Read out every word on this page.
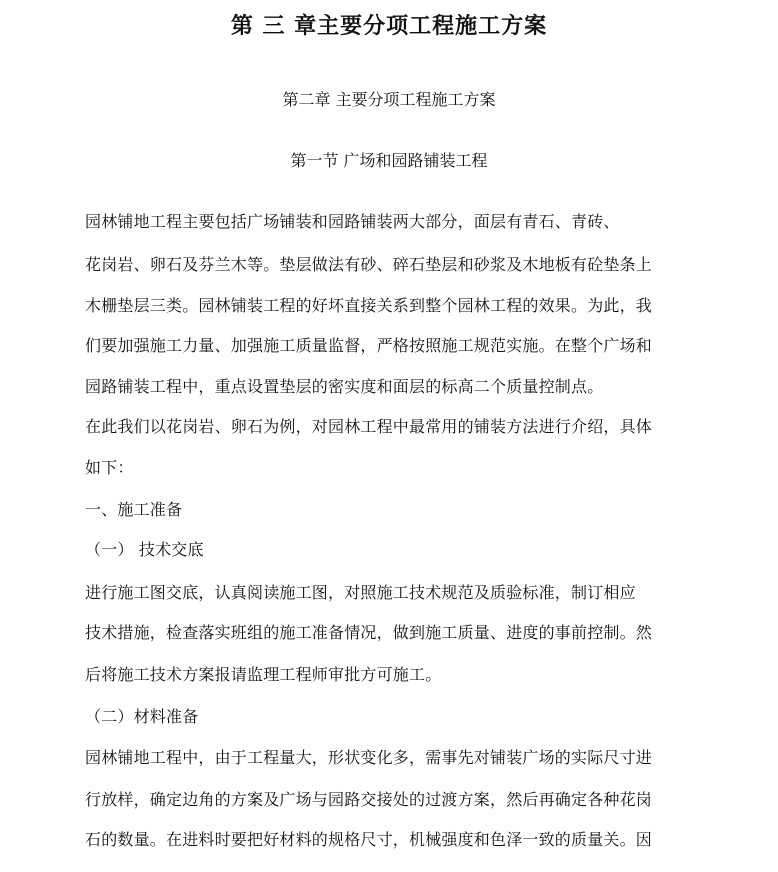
第 三 章主要分项工程施工方案
第二章 主要分项工程施工方案
第一节 广场和园路铺装工程
园林铺地工程主要包括广场铺装和园路铺装两大部分，面层有青石、青砖、
花岗岩、卵石及芬兰木等。垫层做法有砂、碎石垫层和砂浆及木地板有砼垫条上
木栅垫层三类。园林铺装工程的好坏直接关系到整个园林工程的效果。为此，我
们要加强施工力量、加强施工质量监督，严格按照施工规范实施。在整个广场和
园路铺装工程中，重点设置垫层的密实度和面层的标高二个质量控制点。
在此我们以花岗岩、卵石为例，对园林工程中最常用的铺装方法进行介绍，具体
如下：
一、施工准备
（一） 技术交底
进行施工图交底，认真阅读施工图，对照施工技术规范及质验标准，制订相应
技术措施，检查落实班组的施工准备情况，做到施工质量、进度的事前控制。然
后将施工技术方案报请监理工程师审批方可施工。
（二）材料准备
园林铺地工程中，由于工程量大，形状变化多，需事先对铺装广场的实际尺寸进
行放样，确定边角的方案及广场与园路交接处的过渡方案，然后再确定各种花岗
石的数量。在进料时要把好材料的规格尺寸，机械强度和色泽一致的质量关。因
